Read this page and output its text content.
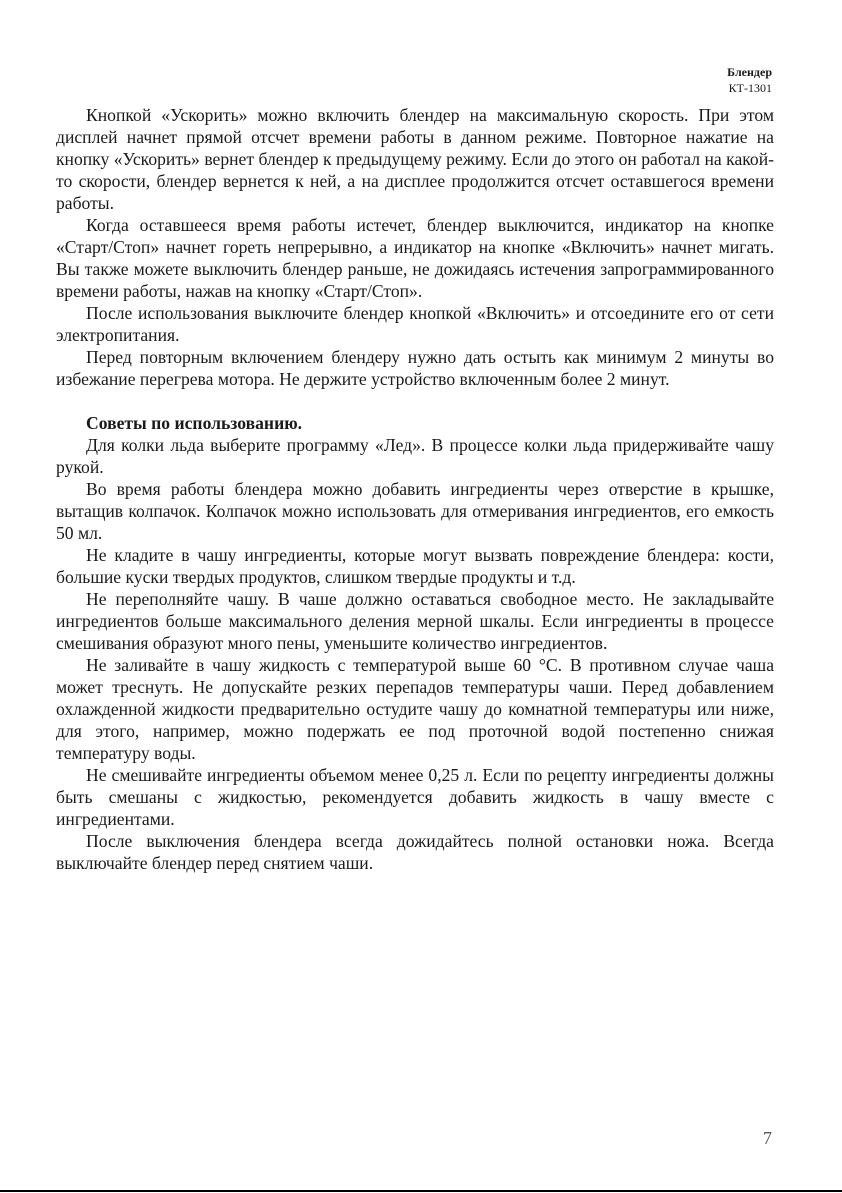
Блендер
КТ-1301

Кнопкой «Ускорить» можно включить блендер на максимальную скорость. При этом дисплей начнет прямой отсчет времени работы в данном режиме. Повторное нажатие на кнопку «Ускорить» вернет блендер к предыдущему режиму. Если до этого он работал на какой-то скорости, блендер вернется к ней, а на дисплее продолжится отсчет оставшегося времени работы.

Когда оставшееся время работы истечет, блендер выключится, индикатор на кнопке «Старт/Стоп» начнет гореть непрерывно, а индикатор на кнопке «Включить» начнет мигать. Вы также можете выключить блендер раньше, не дожидаясь истечения запрограммированного времени работы, нажав на кнопку «Старт/Стоп».

После использования выключите блендер кнопкой «Включить» и отсоедините его от сети электропитания.

Перед повторным включением блендеру нужно дать остыть как минимум 2 минуты во избежание перегрева мотора. Не держите устройство включенным более 2 минут.

Советы по использованию.

Для колки льда выберите программу «Лед». В процессе колки льда придерживайте чашу рукой.

Во время работы блендера можно добавить ингредиенты через отверстие в крышке, вытащив колпачок. Колпачок можно использовать для отмеривания ингредиентов, его емкость 50 мл.

Не кладите в чашу ингредиенты, которые могут вызвать повреждение блендера: кости, большие куски твердых продуктов, слишком твердые продукты и т.д.

Не переполняйте чашу. В чаше должно оставаться свободное место. Не закладывайте ингредиентов больше максимального деления мерной шкалы. Если ингредиенты в процессе смешивания образуют много пены, уменьшите количество ингредиентов.

Не заливайте в чашу жидкость с температурой выше 60 °C. В противном случае чаша может треснуть. Не допускайте резких перепадов температуры чаши. Перед добавлением охлажденной жидкости предварительно остудите чашу до комнатной температуры или ниже, для этого, например, можно подержать ее под проточной водой постепенно снижая температуру воды.

Не смешивайте ингредиенты объемом менее 0,25 л. Если по рецепту ингредиенты должны быть смешаны с жидкостью, рекомендуется добавить жидкость в чашу вместе с ингредиентами.

После выключения блендера всегда дожидайтесь полной остановки ножа. Всегда выключайте блендер перед снятием чаши.

7
